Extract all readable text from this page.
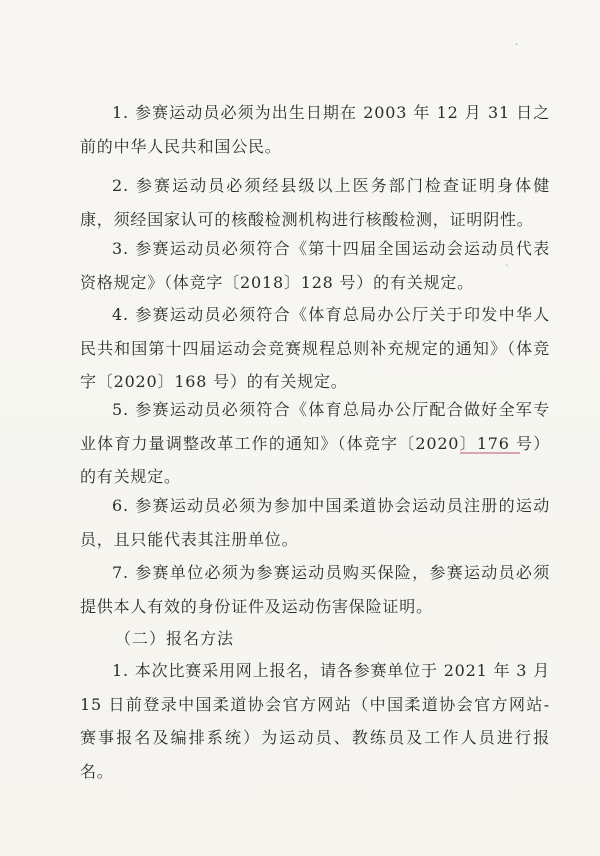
·
ˋ

1. 参赛运动员必须为出生日期在 2003 年 12 月 31 日之前的中华人民共和国公民。

2. 参赛运动员必须经县级以上医务部门检查证明身体健康，须经国家认可的核酸检测机构进行核酸检测，证明阴性。

3. 参赛运动员必须符合《第十四届全国运动会运动员代表资格规定》（体竞字〔2018〕128 号）的有关规定。

4. 参赛运动员必须符合《体育总局办公厅关于印发中华人民共和国第十四届运动会竞赛规程总则补充规定的通知》（体竞字〔2020〕168 号）的有关规定。

5. 参赛运动员必须符合《体育总局办公厅配合做好全军专业体育力量调整改革工作的通知》（体竞字〔2020〕176 号）的有关规定。

6. 参赛运动员必须为参加中国柔道协会运动员注册的运动员，且只能代表其注册单位。

7. 参赛单位必须为参赛运动员购买保险，参赛运动员必须提供本人有效的身份证件及运动伤害保险证明。

（二）报名方法

1. 本次比赛采用网上报名，请各参赛单位于 2021 年 3 月 15 日前登录中国柔道协会官方网站（中国柔道协会官方网站-赛事报名及编排系统）为运动员、教练员及工作人员进行报名。
